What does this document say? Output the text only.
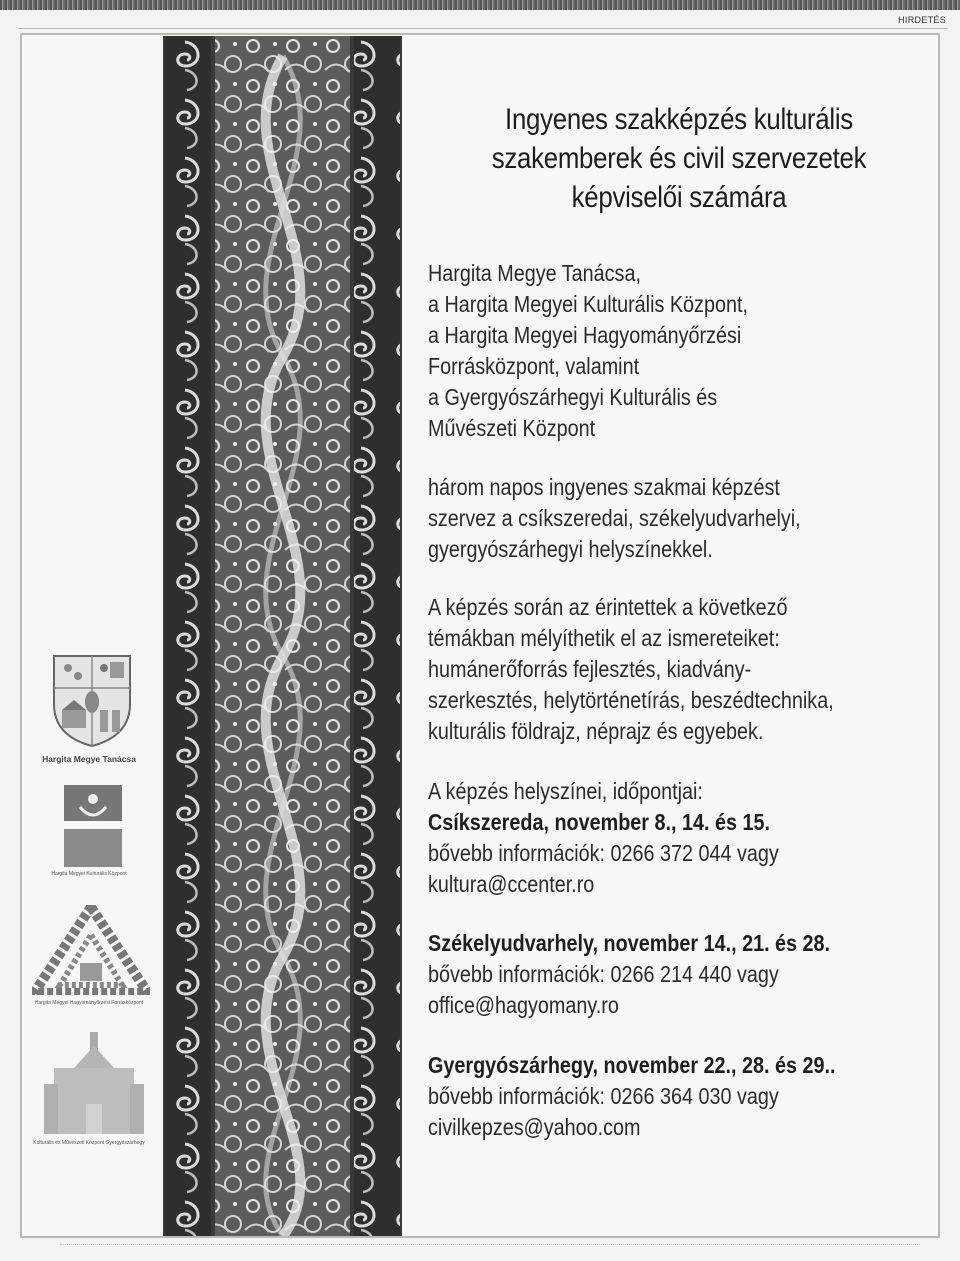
HIRDETÉS
Hargita Megye Tanácsa
Hargita Megyei Kulturális Központ
Hargita Megyei Hagyományőrzési Forrásközpont
Kulturális és Művészeti Központ Gyergyószárhegy
Ingyenes szakképzés kulturális
szakemberek és civil szervezetek
képviselői számára
Hargita Megye Tanácsa,
a Hargita Megyei Kulturális Központ,
a Hargita Megyei Hagyományőrzési
Forrásközpont, valamint
a Gyergyószárhegyi Kulturális és
Művészeti Központ
három napos ingyenes szakmai képzést
szervez a csíkszeredai, székelyudvarhelyi,
gyergyószárhegyi helyszínekkel.
A képzés során az érintettek a következő
témákban mélyíthetik el az ismereteiket:
humánerőforrás fejlesztés, kiadvány-
szerkesztés, helytörténetírás, beszédtechnika,
kulturális földrajz, néprajz és egyebek.
A képzés helyszínei, időpontjai:
Csíkszereda, november 8., 14. és 15.
bővebb információk: 0266 372 044 vagy
kultura@ccenter.ro
Székelyudvarhely, november 14., 21. és 28.
bővebb információk: 0266 214 440 vagy
office@hagyomany.ro
Gyergyószárhegy, november 22., 28. és 29..
bővebb információk: 0266 364 030 vagy
civilkepzes@yahoo.com
